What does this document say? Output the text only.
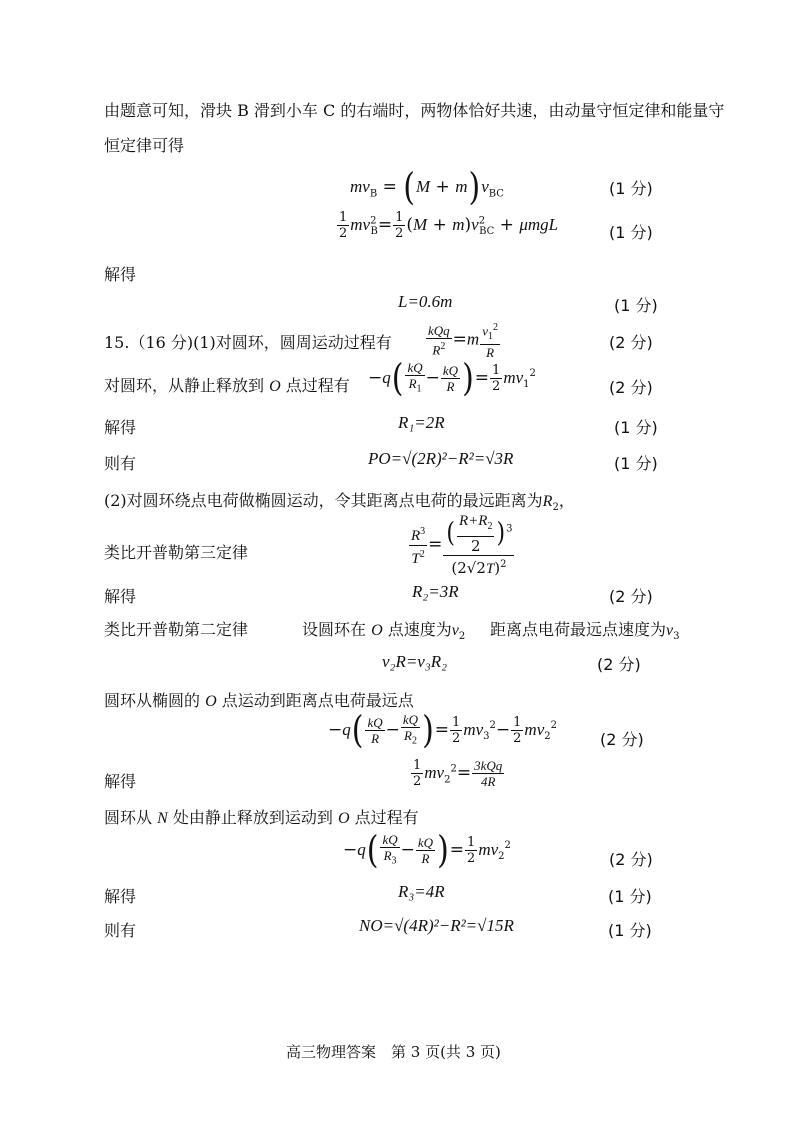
由题意可知，滑块 B 滑到小车 C 的右端时，两物体恰好共速，由动量守恒定律和能量守
恒定律可得
$mv_B = (M + m)v_{BC}$	(1 分)
$\frac{1}{2} mv^2_B= \frac{1}{2} (M + m)v^2_{BC} + \mu mgL$	(1 分)
解得
L=0.6m	(1 分)
15.（16 分)(1)对圆环，圆周运动过程有	$\frac{\text{kQq}}{R^2} =m \frac{v_1^2}{R}$	(2 分)
对圆环，从静止释放到 O 点过程有 $-q( \frac{kQ}{R_1} - \frac{kQ}{R}$ )= $\frac{1}{2} mv_1^2$
(2 分)
解得	R₁=2R	(1 分)
则有	PO=√(2R)²−R²=√3R	(1 分)
(2)对圆环绕点电荷做椭圆运动，令其距离点电荷的最远距离为$R_2$，
类比开普勒第三定律	$\frac{R^3}{T^2} = \frac{( \frac{R+R_2}{2} )^3}{(2√2T)^2}$
解得	R₂=3R	(2 分)
类比开普勒第二定律	设圆环在 O 点速度为$v_2$ 距离点电荷最远点速度为$v_3$
v₂R=v₃R₂	(2 分)
圆环从椭圆的 O 点运动到距离点电荷最远点
$-q( \frac{kQ}{R} - \frac{kQ}{R_2}$ )= $\frac{1}{2} mv_3^2- \frac{1}{2} mv_2^2$
(2 分)
解得	$\frac{1}{2} mv_2^2= \frac{\text{3kQq}}{4R}$
圆环从 N 处由静止释放到运动到 O 点过程有
$-q( \frac{kQ}{R_3} - \frac{kQ}{R}$ )= $\frac{1}{2} mv_2^2$
(2 分)
解得	R₃=4R	(1 分)
则有	NO=√(4R)²−R²=√15R	(1 分)
高三物理答案　第 3 页(共 3 页)
